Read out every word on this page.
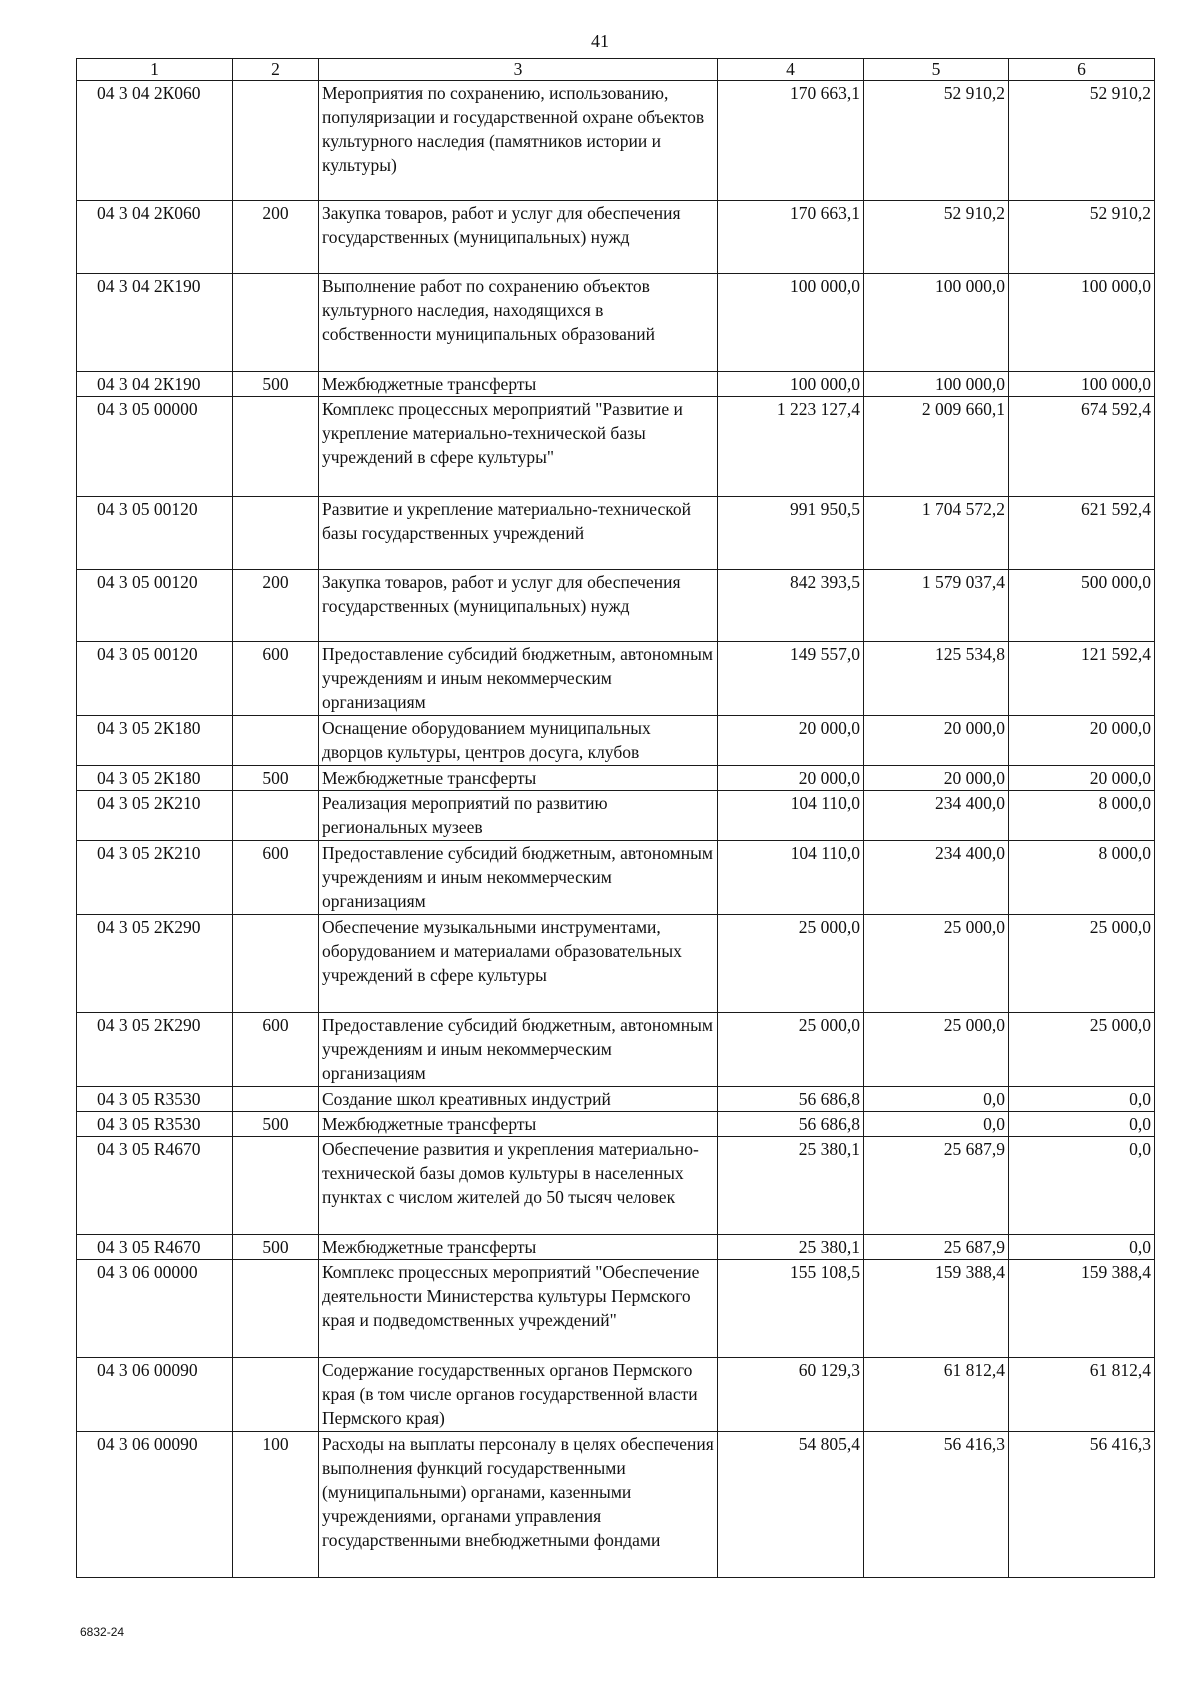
41
1	2	3	4	5	6
04 3 04 2К060		Мероприятия по сохранению, использованию, популяризации и государственной охране объектов культурного наследия (памятников истории и культуры)	170 663,1	52 910,2	52 910,2
04 3 04 2К060	200	Закупка товаров, работ и услуг для обеспечения государственных (муниципальных) нужд	170 663,1	52 910,2	52 910,2
04 3 04 2К190		Выполнение работ по сохранению объектов культурного наследия, находящихся в собственности муниципальных образований	100 000,0	100 000,0	100 000,0
04 3 04 2К190	500	Межбюджетные трансферты	100 000,0	100 000,0	100 000,0
04 3 05 00000		Комплекс процессных мероприятий "Развитие и укрепление материально-технической базы учреждений в сфере культуры"	1 223 127,4	2 009 660,1	674 592,4
04 3 05 00120		Развитие и укрепление материально-технической базы государственных учреждений	991 950,5	1 704 572,2	621 592,4
04 3 05 00120	200	Закупка товаров, работ и услуг для обеспечения государственных (муниципальных) нужд	842 393,5	1 579 037,4	500 000,0
04 3 05 00120	600	Предоставление субсидий бюджетным, автономным учреждениям и иным некоммерческим организациям	149 557,0	125 534,8	121 592,4
04 3 05 2К180		Оснащение оборудованием муниципальных дворцов культуры, центров досуга, клубов	20 000,0	20 000,0	20 000,0
04 3 05 2К180	500	Межбюджетные трансферты	20 000,0	20 000,0	20 000,0
04 3 05 2К210		Реализация мероприятий по развитию региональных музеев	104 110,0	234 400,0	8 000,0
04 3 05 2К210	600	Предоставление субсидий бюджетным, автономным учреждениям и иным некоммерческим организациям	104 110,0	234 400,0	8 000,0
04 3 05 2К290		Обеспечение музыкальными инструментами, оборудованием и материалами образовательных учреждений в сфере культуры	25 000,0	25 000,0	25 000,0
04 3 05 2К290	600	Предоставление субсидий бюджетным, автономным учреждениям и иным некоммерческим организациям	25 000,0	25 000,0	25 000,0
04 3 05 R3530		Создание школ креативных индустрий	56 686,8	0,0	0,0
04 3 05 R3530	500	Межбюджетные трансферты	56 686,8	0,0	0,0
04 3 05 R4670		Обеспечение развития и укрепления материально-технической базы домов культуры в населенных пунктах с числом жителей до 50 тысяч человек	25 380,1	25 687,9	0,0
04 3 05 R4670	500	Межбюджетные трансферты	25 380,1	25 687,9	0,0
04 3 06 00000		Комплекс процессных мероприятий "Обеспечение деятельности Министерства культуры Пермского края и подведомственных учреждений"	155 108,5	159 388,4	159 388,4
04 3 06 00090		Содержание государственных органов Пермского края (в том числе органов государственной власти Пермского края)	60 129,3	61 812,4	61 812,4
04 3 06 00090	100	Расходы на выплаты персоналу в целях обеспечения выполнения функций государственными (муниципальными) органами, казенными учреждениями, органами управления государственными внебюджетными фондами	54 805,4	56 416,3	56 416,3
6832-24
